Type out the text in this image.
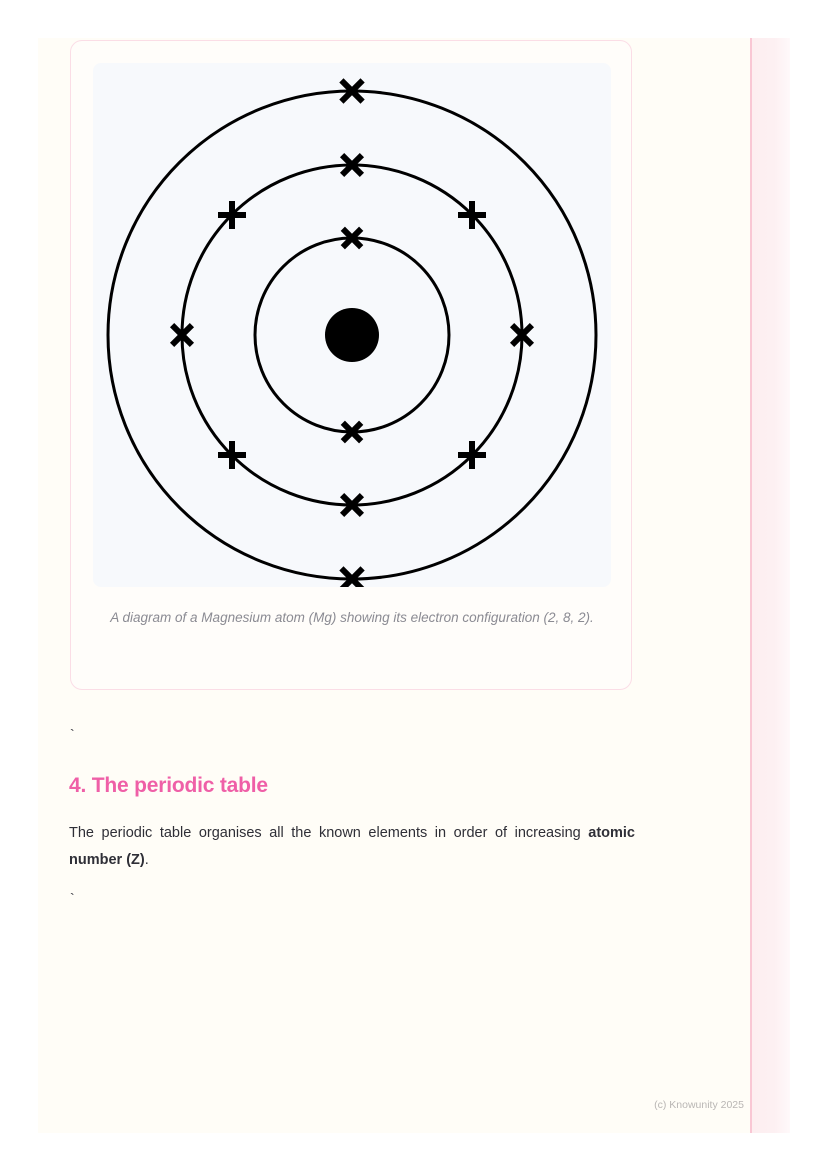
A diagram of a Magnesium atom (Mg) showing its electron configuration (2, 8, 2).
`
4. The periodic table
The periodic table organises all the known elements in order of increasing atomic number (Z).
`
(c) Knowunity 2025
